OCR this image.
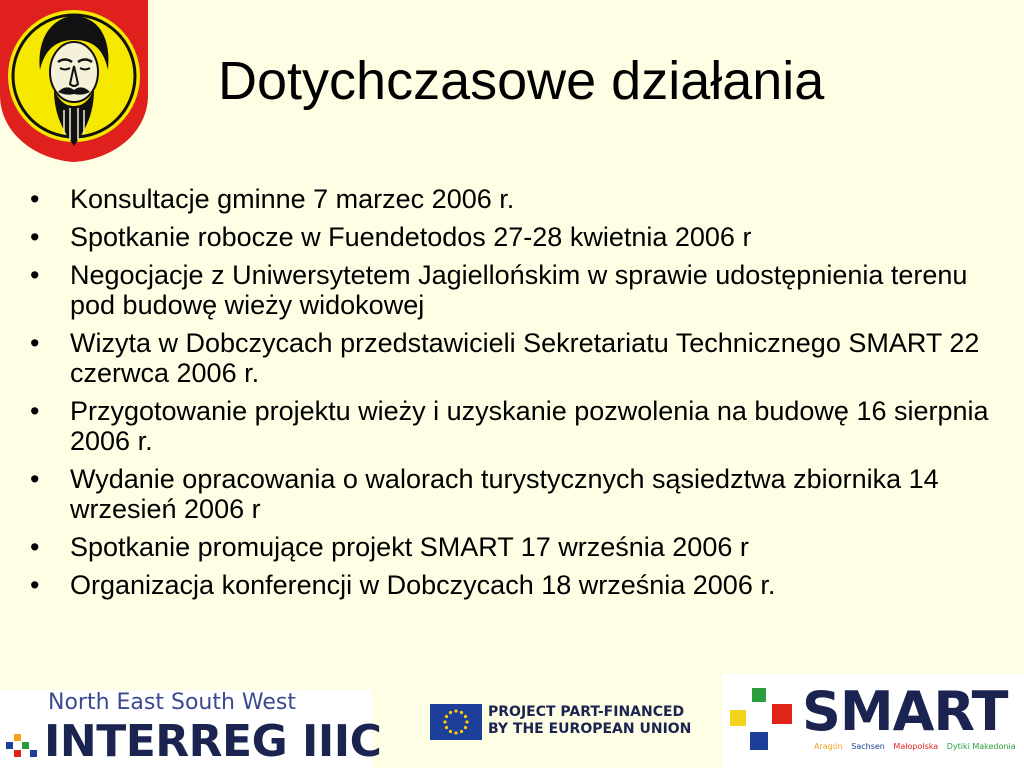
Dotychczasowe działania
•	Konsultacje gminne 7 marzec 2006 r.
•	Spotkanie robocze w Fuendetodos 27-28 kwietnia 2006 r
•	Negocjacje z Uniwersytetem Jagiellońskim w sprawie udostępnienia terenu pod budowę wieży widokowej
•	Wizyta w Dobczycach przedstawicieli Sekretariatu Technicznego SMART 22 czerwca 2006 r.
•	Przygotowanie projektu wieży i uzyskanie pozwolenia na budowę 16 sierpnia 2006 r.
•	Wydanie opracowania o walorach turystycznych sąsiedztwa zbiornika 14 wrzesień 2006 r
•	Spotkanie promujące projekt SMART 17 września 2006 r
•	Organizacja konferencji w Dobczycach 18 września 2006 r.
North East South West
INTERREG IIIC
PROJECT PART-FINANCED
BY THE EUROPEAN UNION SMART
Aragón Sachsen Małopolska Dytiki Makedonia
